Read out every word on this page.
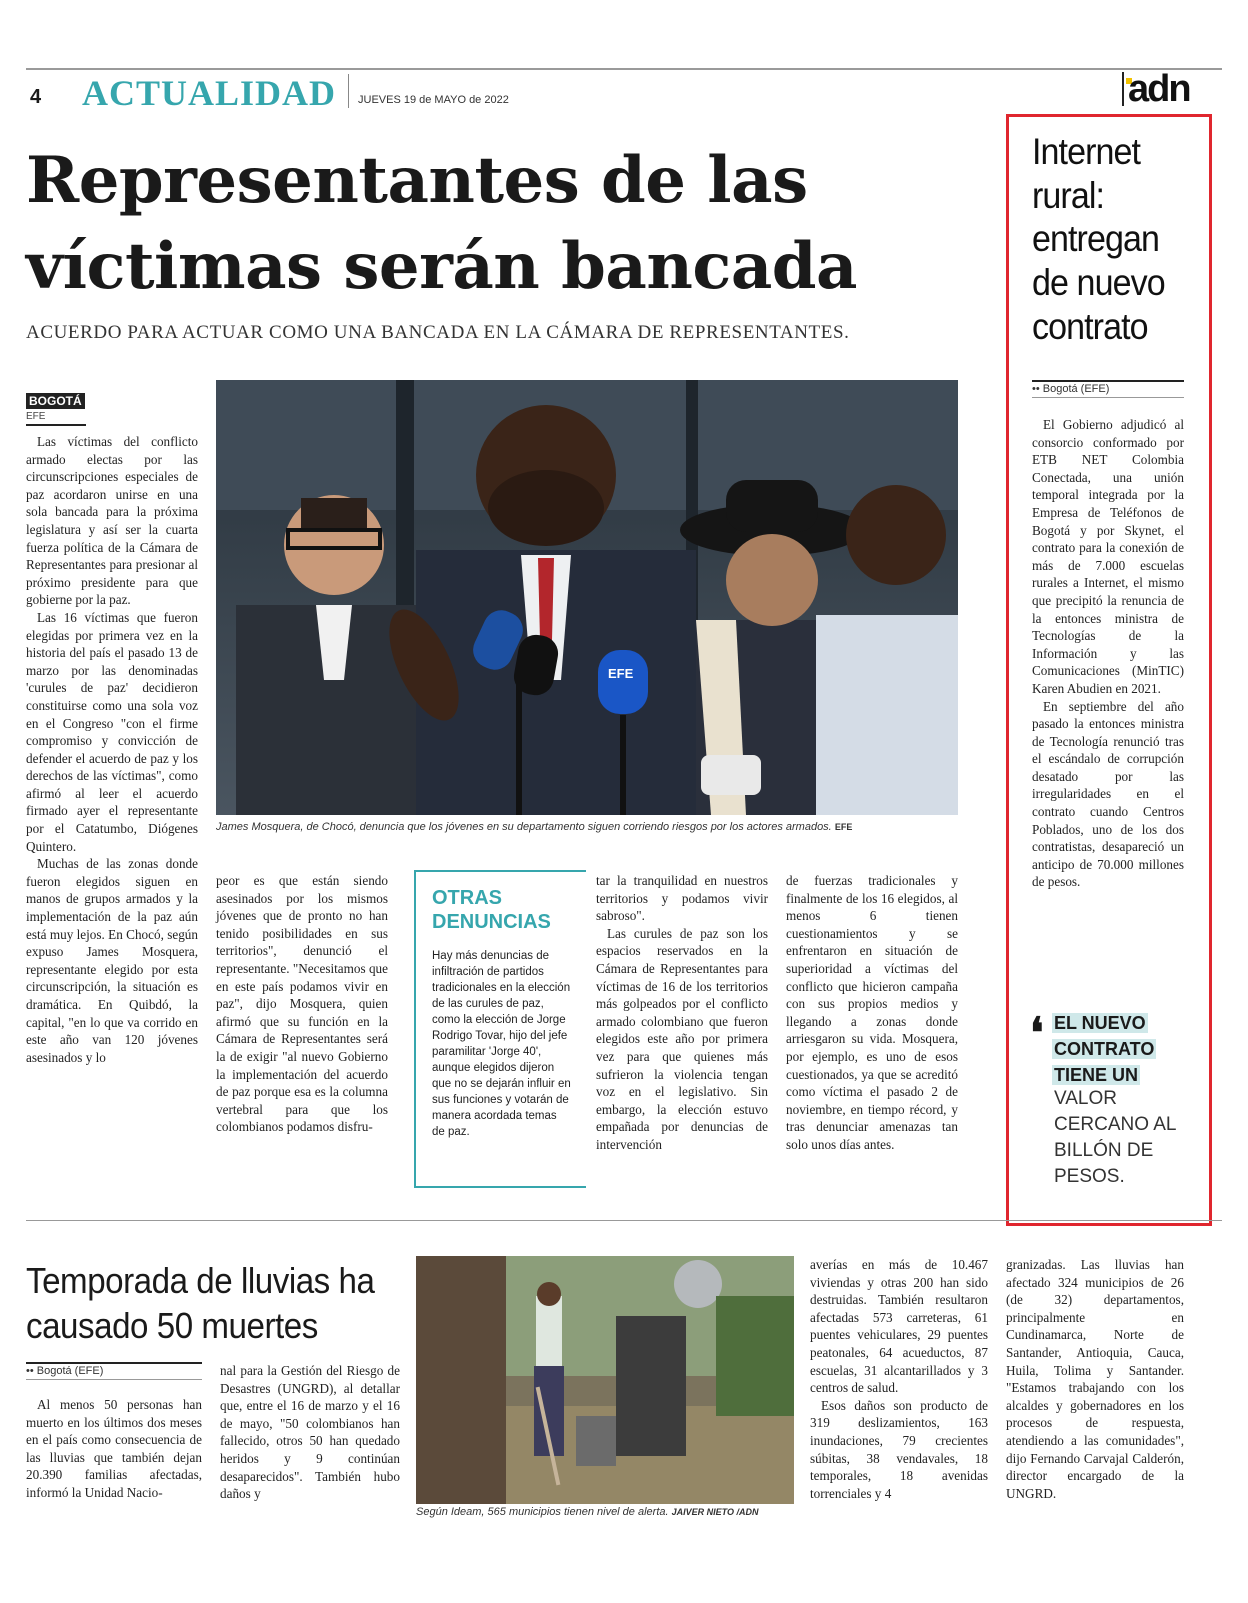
4 ACTUALIDAD JUEVES 19 de MAYO de 2022	adn
Representantes de las
víctimas serán bancada
ACUERDO PARA ACTUAR COMO UNA BANCADA EN LA CÁMARA DE REPRESENTANTES.
BOGOTÁ
EFE

Las víctimas del conflicto armado electas por las circunscripciones especiales de paz acordaron unirse en una sola bancada para la próxima legislatura y así ser la cuarta fuerza política de la Cámara de Representantes para presionar al próximo presidente para que gobierne por la paz.

Las 16 víctimas que fueron elegidas por primera vez en la historia del país el pasado 13 de marzo por las denominadas 'curules de paz' decidieron constituirse como una sola voz en el Congreso "con el firme compromiso y convicción de defender el acuerdo de paz y los derechos de las víctimas", como afirmó al leer el acuerdo firmado ayer el representante por el Catatumbo, Diógenes Quintero.

Muchas de las zonas donde fueron elegidos siguen en manos de grupos armados y la implementación de la paz aún está muy lejos. En Chocó, según expuso James Mosquera, representante elegido por esta circunscripción, la situación es dramática. En Quibdó, la capital, "en lo que va corrido en este año van 120 jóvenes asesinados y lo

EFE
James Mosquera, de Chocó, denuncia que los jóvenes en su departamento siguen corriendo riesgos por los actores armados. EFE

peor es que están siendo asesinados por los mismos jóvenes que de pronto no han tenido posibilidades en sus territorios", denunció el representante. "Necesitamos que en este país podamos vivir en paz", dijo Mosquera, quien afirmó que su función en la Cámara de Representantes será la de exigir "al nuevo Gobierno la implementación del acuerdo de paz porque esa es la columna vertebral para que los colombianos podamos disfru-

OTRAS DENUNCIAS
Hay más denuncias de infiltración de partidos tradicionales en la elección de las curules de paz, como la elección de Jorge Rodrigo Tovar, hijo del jefe paramilitar 'Jorge 40', aunque elegidos dijeron que no se dejarán influir en sus funciones y votarán de manera acordada temas de paz.

tar la tranquilidad en nuestros territorios y podamos vivir sabroso".

Las curules de paz son los espacios reservados en la Cámara de Representantes para víctimas de 16 de los territorios más golpeados por el conflicto armado colombiano que fueron elegidos este año por primera vez para que quienes más sufrieron la violencia tengan voz en el legislativo. Sin embargo, la elección estuvo empañada por denuncias de intervención

de fuerzas tradicionales y finalmente de los 16 elegidos, al menos 6 tienen cuestionamientos y se enfrentaron en situación de superioridad a víctimas del conflicto que hicieron campaña con sus propios medios y llegando a zonas donde arriesgaron su vida. Mosquera, por ejemplo, es uno de esos cuestionados, ya que se acreditó como víctima el pasado 2 de noviembre, en tiempo récord, y tras denunciar amenazas tan solo unos días antes.

Internet rural: entregan de nuevo contrato
•• Bogotá (EFE)

El Gobierno adjudicó al consorcio conformado por ETB NET Colombia Conectada, una unión temporal integrada por la Empresa de Teléfonos de Bogotá y por Skynet, el contrato para la conexión de más de 7.000 escuelas rurales a Internet, el mismo que precipitó la renuncia de la entonces ministra de Tecnologías de la Información y las Comunicaciones (MinTIC) Karen Abudien en 2021.

En septiembre del año pasado la entonces ministra de Tecnología renunció tras el escándalo de corrupción desatado por las irregularidades en el contrato cuando Centros Poblados, uno de los dos contratistas, desapareció un anticipo de 70.000 millones de pesos.

❛ EL NUEVO
CONTRATO
TIENE UN
VALOR CERCANO AL BILLÓN DE PESOS.
Temporada de lluvias ha causado 50 muertes
•• Bogotá (EFE)

Al menos 50 personas han muerto en los últimos dos meses en el país como consecuencia de las lluvias que también dejan 20.390 familias afectadas, informó la Unidad Nacio-

nal para la Gestión del Riesgo de Desastres (UNGRD), al detallar que, entre el 16 de marzo y el 16 de mayo, "50 colombianos han fallecido, otros 50 han quedado heridos y 9 continúan desaparecidos". También hubo daños y

Según Ideam, 565 municipios tienen nivel de alerta. JAIVER NIETO /ADN

averías en más de 10.467 viviendas y otras 200 han sido destruidas. También resultaron afectadas 573 carreteras, 61 puentes vehiculares, 29 puentes peatonales, 64 acueductos, 87 escuelas, 31 alcantarillados y 3 centros de salud.

Esos daños son producto de 319 deslizamientos, 163 inundaciones, 79 crecientes súbitas, 38 vendavales, 18 temporales, 18 avenidas torrenciales y 4

granizadas. Las lluvias han afectado 324 municipios de 26 (de 32) departamentos, principalmente en Cundinamarca, Norte de Santander, Antioquia, Cauca, Huila, Tolima y Santander. "Estamos trabajando con los alcaldes y gobernadores en los procesos de respuesta, atendiendo a las comunidades", dijo Fernando Carvajal Calderón, director encargado de la UNGRD.
